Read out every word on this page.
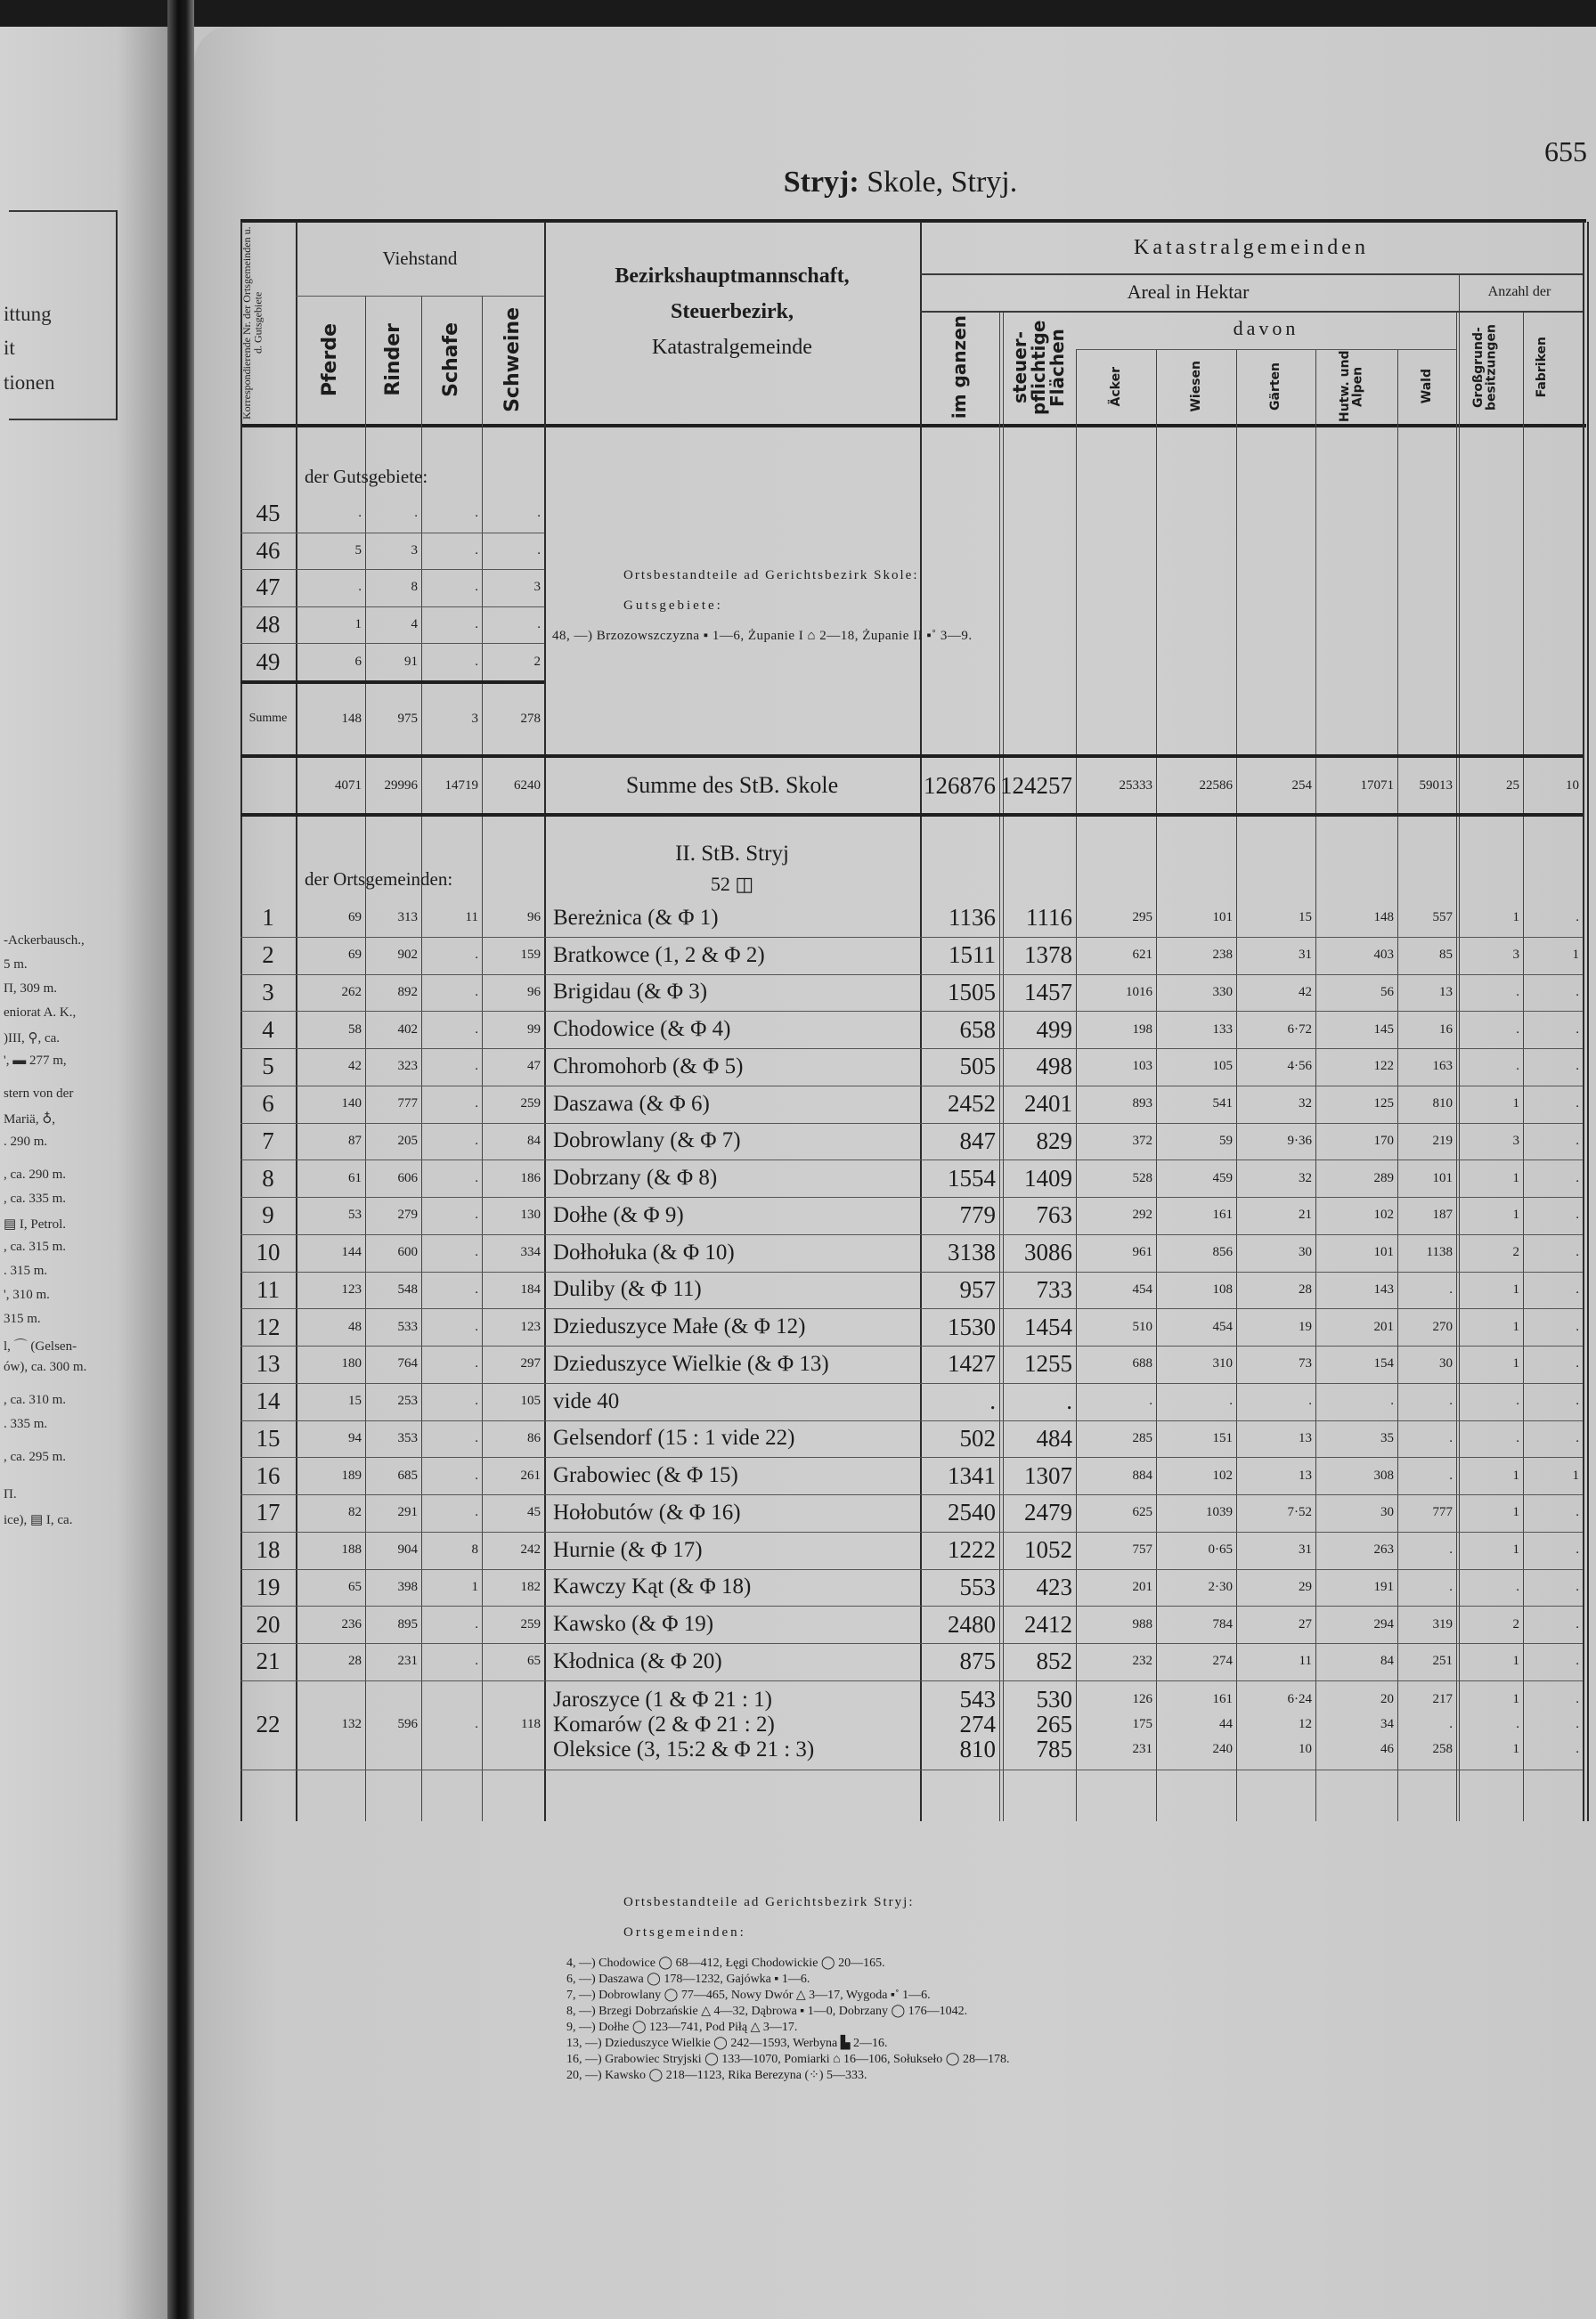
Stryj: Skole, Stryj.
655
ittung
it
tionen
-Ackerbausch.,
5 m.
Π, 309 m.
eniorat A. K.,
)III, ⚲, ca.
', ▬ 277 m,
stern von der
Mariä, ♁,
. 290 m.
, ca. 290 m.
, ca. 335 m.
▤ I, Petrol.
, ca. 315 m.
. 315 m.
', 310 m.
315 m.
l, ⌒ (Gelsen-
ów), ca. 300 m.
, ca. 310 m.
. 335 m.
, ca. 295 m.
Π.
ice), ▤ I, ca.
Korrespondierende Nr. der Ortsgemeinden u. d. Gutsgebiete
Viehstand
Pferde Rinder Schafe Schweine
Bezirkshauptmannschaft,
Steuerbezirk,
Katastralgemeinde
Katastralgemeinden
Areal in Hektar	Anzahl der
davon
im ganzen steuer-pflichtige Flächen	Äcker	Wiesen	Gärten	Hutw. und Alpen	Wald	Großgrund-besitzungen	Fabriken
der Gutsgebiete:
45	.	.	.	.
46	5	3	.	.
47	.	8	.	3
48	1	4	.	.
49	6	91	.	2
Summe	148	975	3	278
Ortsbestandteile ad Gerichtsbezirk Skole:
Gutsgebiete:
48, —) Brzozowszczyzna ▪ 1—6, Żupanie I ⌂ 2—18, Żupanie II ▪˚ 3—9.
4071	29996	14719	6240	Summe des StB. Skole	126876 124257	25333	22586	254	17071	59013	25	10
II. StB. Stryj
52 ◫
der Ortsgemeinden:
1	69	313	11	96 Bereżnica (& Φ 1)	1136	1116	295	101	15	148	557	1	.
2	69	902	.	159 Bratkowce (1, 2 & Φ 2)	1511	1378	621	238	31	403	85	3	1
3	262	892	.	96 Brigidau (& Φ 3)	1505	1457	1016	330	42	56	13	.	.
4	58	402	.	99 Chodowice (& Φ 4)	658	499	198	133	6·72	145	16	.	.
5	42	323	.	47 Chromohorb (& Φ 5)	505	498	103	105	4·56	122	163	.	.
6	140	777	.	259 Daszawa (& Φ 6)	2452	2401	893	541	32	125	810	1	.
7	87	205	.	84 Dobrowlany (& Φ 7)	847	829	372	59	9·36	170	219	3	.
8	61	606	.	186 Dobrzany (& Φ 8)	1554	1409	528	459	32	289	101	1	.
9	53	279	.	130 Dołhe (& Φ 9)	779	763	292	161	21	102	187	1	.
10	144	600	.	334 Dołhołuka (& Φ 10)	3138	3086	961	856	30	101	1138	2	.
11	123	548	.	184 Duliby (& Φ 11)	957	733	454	108	28	143	.	1	.
12	48	533	.	123 Dzieduszyce Małe (& Φ 12)	1530	1454	510	454	19	201	270	1	.
13	180	764	.	297 Dzieduszyce Wielkie (& Φ 13)	1427	1255	688	310	73	154	30	1	.
14	15	253	.	105 vide 40	.	.	.	.	.	.	.	.	.
15	94	353	.	86 Gelsendorf (15 : 1 vide 22)	502	484	285	151	13	35	.	.	.
16	189	685	.	261 Grabowiec (& Φ 15)	1341	1307	884	102	13	308	.	1	1
17	82	291	.	45 Hołobutów (& Φ 16)	2540	2479	625	1039	7·52	30	777	1	.
18	188	904	8	242 Hurnie (& Φ 17)	1222	1052	757	0·65	31	263	.	1	.
19	65	398	1	182 Kawczy Kąt (& Φ 18)	553	423	201	2·30	29	191	.	.	.
20	236	895	.	259 Kawsko (& Φ 19)	2480	2412	988	784	27	294	319	2	.
21	28	231	.	65 Kłodnica (& Φ 20)	875	852	232	274	11	84	251	1	.
22	132	596	.	118
Jaroszyce (1 & Φ 21 : 1)	543	530	126	161	6·24	20	217	1	.
Komarów (2 & Φ 21 : 2)	274	265	175	44	12	34	.	.	.
Oleksice (3, 15:2 & Φ 21 : 3)	810	785	231	240	10	46	258	1	.
Ortsbestandteile ad Gerichtsbezirk Stryj:
Ortsgemeinden:
4, —) Chodowice ◯ 68—412, Łęgi Chodowickie ◯ 20—165.
6, —) Daszawa ◯ 178—1232, Gajówka ▪ 1—6.
7, —) Dobrowlany ◯ 77—465, Nowy Dwór △ 3—17, Wygoda ▪˚ 1—6.
8, —) Brzegi Dobrzańskie △ 4—32, Dąbrowa ▪ 1—0, Dobrzany ◯ 176—1042.
9, —) Dołhe ◯ 123—741, Pod Piłą △ 3—17.
13, —) Dzieduszyce Wielkie ◯ 242—1593, Werbyna ▙ 2—16.
16, —) Grabowiec Stryjski ◯ 133—1070, Pomiarki ⌂ 16—106, Sołukseło ◯ 28—178.
20, —) Kawsko ◯ 218—1123, Rika Berezyna (⁘) 5—333.
